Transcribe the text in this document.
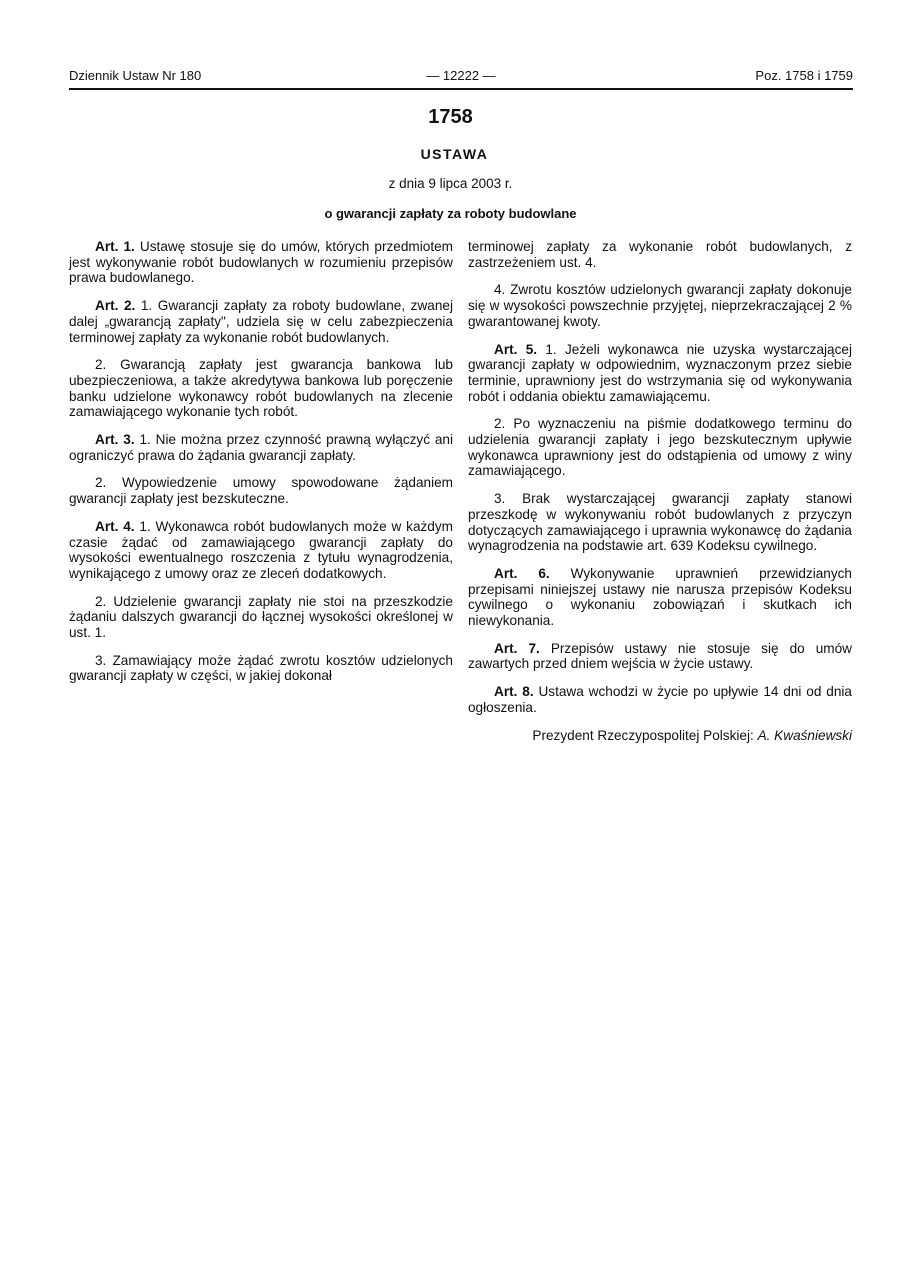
Dziennik Ustaw Nr 180	— 12222 —	Poz. 1758 i 1759
1758
USTAWA
z dnia 9 lipca 2003 r.
o gwarancji zapłaty za roboty budowlane

Art. 1. Ustawę stosuje się do umów, których przedmiotem jest wykonywanie robót budowlanych w rozumieniu przepisów prawa budowlanego.

Art. 2. 1. Gwarancji zapłaty za roboty budowlane, zwanej dalej „gwarancją zapłaty", udziela się w celu zabezpieczenia terminowej zapłaty za wykonanie robót budowlanych.

2. Gwarancją zapłaty jest gwarancja bankowa lub ubezpieczeniowa, a także akredytywa bankowa lub poręczenie banku udzielone wykonawcy robót budowlanych na zlecenie zamawiającego wykonanie tych robót.

Art. 3. 1. Nie można przez czynność prawną wyłączyć ani ograniczyć prawa do żądania gwarancji zapłaty.

2. Wypowiedzenie umowy spowodowane żądaniem gwarancji zapłaty jest bezskuteczne.

Art. 4. 1. Wykonawca robót budowlanych może w każdym czasie żądać od zamawiającego gwarancji zapłaty do wysokości ewentualnego roszczenia z tytułu wynagrodzenia, wynikającego z umowy oraz ze zleceń dodatkowych.

2. Udzielenie gwarancji zapłaty nie stoi na przeszkodzie żądaniu dalszych gwarancji do łącznej wysokości określonej w ust. 1.

3. Zamawiający może żądać zwrotu kosztów udzielonych gwarancji zapłaty w części, w jakiej dokonał

terminowej zapłaty za wykonanie robót budowlanych, z zastrzeżeniem ust. 4.

4. Zwrotu kosztów udzielonych gwarancji zapłaty dokonuje się w wysokości powszechnie przyjętej, nieprzekraczającej 2 % gwarantowanej kwoty.

Art. 5. 1. Jeżeli wykonawca nie uzyska wystarczającej gwarancji zapłaty w odpowiednim, wyznaczonym przez siebie terminie, uprawniony jest do wstrzymania się od wykonywania robót i oddania obiektu zamawiającemu.

2. Po wyznaczeniu na piśmie dodatkowego terminu do udzielenia gwarancji zapłaty i jego bezskutecznym upływie wykonawca uprawniony jest do odstąpienia od umowy z winy zamawiającego.

3. Brak wystarczającej gwarancji zapłaty stanowi przeszkodę w wykonywaniu robót budowlanych z przyczyn dotyczących zamawiającego i uprawnia wykonawcę do żądania wynagrodzenia na podstawie art. 639 Kodeksu cywilnego.

Art. 6. Wykonywanie uprawnień przewidzianych przepisami niniejszej ustawy nie narusza przepisów Kodeksu cywilnego o wykonaniu zobowiązań i skutkach ich niewykonania.

Art. 7. Przepisów ustawy nie stosuje się do umów zawartych przed dniem wejścia w życie ustawy.

Art. 8. Ustawa wchodzi w życie po upływie 14 dni od dnia ogłoszenia.

Prezydent Rzeczypospolitej Polskiej: A. Kwaśniewski
